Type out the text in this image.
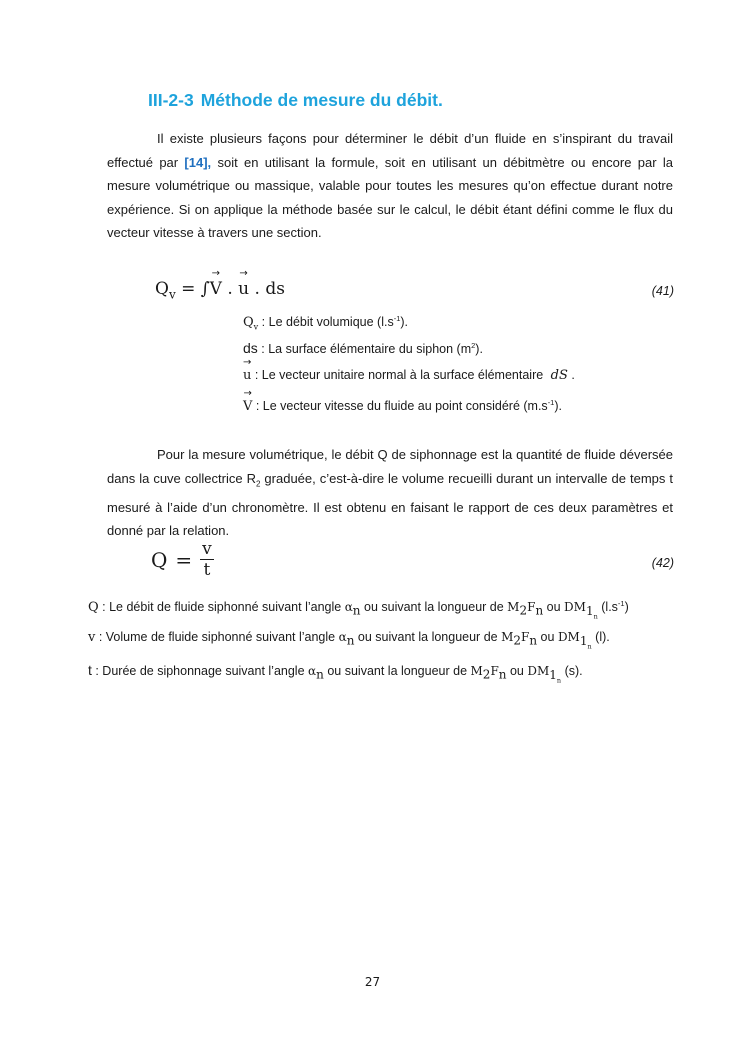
III-2-3 Méthode de mesure du débit.
Il existe plusieurs façons pour déterminer le débit d’un fluide en s’inspirant du travail effectué par [14], soit en utilisant la formule, soit en utilisant un débitmètre ou encore par la mesure volumétrique ou massique, valable pour toutes les mesures qu’on effectue durant notre expérience. Si on applique la méthode basée sur le calcul, le débit étant défini comme le flux du vecteur vitesse à travers une section.
$Q_v$ = ∫→ V . → u . ds	(41)
$Q_v$ : Le débit volumique $(l.s^{-1})$.
ds : La surface élémentaire du siphon $(m^2)$.
→ u : Le vecteur unitaire normal à la surface élémentaire dS .
→ V : Le vecteur vitesse du fluide au point considéré $(m.s^{-1})$.
Pour la mesure volumétrique, le débit Q de siphonnage est la quantité de fluide déversée dans la cuve collectrice $R_2$ graduée, c’est-à-dire le volume recueilli durant un intervalle de temps t mesuré à l’aide d’un chronomètre. Il est obtenu en faisant le rapport de ces deux paramètres et donné par la relation.
$Q = \frac{v}{t}$	(42)
Q : Le débit de fluide siphonné suivant l’angle $\alpha_n$ ou suivant la longueur de $M_2F_n$ ou $DM_{1_n}$ $(l.s^{-1})$
v : Volume de fluide siphonné suivant l’angle $\alpha_n$ ou suivant la longueur de $M_2F_n$ ou $DM_{1_n}$ (l).
t : Durée de siphonnage suivant l’angle $\alpha_n$ ou suivant la longueur de $M_2F_n$ ou $DM_{1_n}$ (s).
27
